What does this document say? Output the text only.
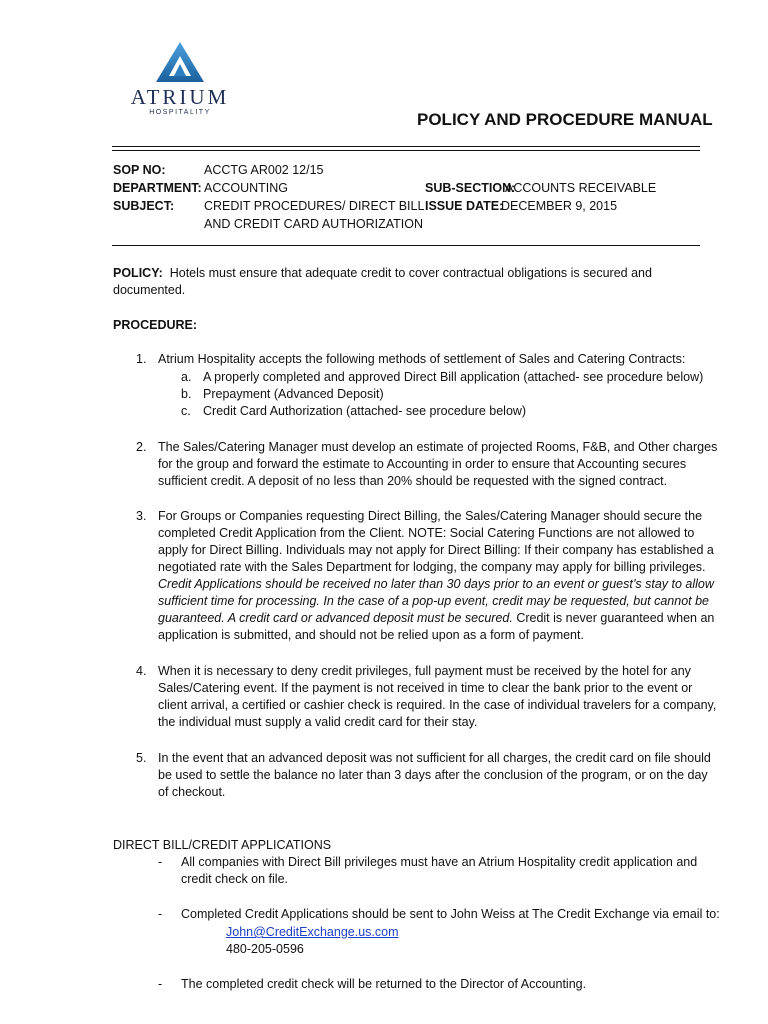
ATRIUM
HOSPITALITY	POLICY AND PROCEDURE MANUAL
SOP NO:	ACCTG AR002 12/15
DEPARTMENT: ACCOUNTING	SUB-SECTION:
ACCOUNTS RECEIVABLE
SUBJECT: CREDIT PROCEDURES/ DIRECT BILL
AND CREDIT CARD AUTHORIZATION
ISSUE DATE:
DECEMBER 9, 2015
POLICY: Hotels must ensure that adequate credit to cover contractual obligations is secured and
documented.
PROCEDURE:
1. Atrium Hospitality accepts the following methods of settlement of Sales and Catering Contracts:
a. A properly completed and approved Direct Bill application (attached- see procedure below)
b. Prepayment (Advanced Deposit)
c. Credit Card Authorization (attached- see procedure below)
2. The Sales/Catering Manager must develop an estimate of projected Rooms, F&B, and Other charges
for the group and forward the estimate to Accounting in order to ensure that Accounting secures
sufficient credit. A deposit of no less than 20% should be requested with the signed contract.
3. For Groups or Companies requesting Direct Billing, the Sales/Catering Manager should secure the
completed Credit Application from the Client. NOTE: Social Catering Functions are not allowed to
apply for Direct Billing. Individuals may not apply for Direct Billing: If their company has established a
negotiated rate with the Sales Department for lodging, the company may apply for billing privileges.
Credit Applications should be received no later than 30 days prior to an event or guest’s stay to allow
sufficient time for processing. In the case of a pop-up event, credit may be requested, but cannot be
guaranteed. A credit card or advanced deposit must be secured. Credit is never guaranteed when an
application is submitted, and should not be relied upon as a form of payment.
4. When it is necessary to deny credit privileges, full payment must be received by the hotel for any
Sales/Catering event. If the payment is not received in time to clear the bank prior to the event or
client arrival, a certified or cashier check is required. In the case of individual travelers for a company,
the individual must supply a valid credit card for their stay.
5. In the event that an advanced deposit was not sufficient for all charges, the credit card on file should
be used to settle the balance no later than 3 days after the conclusion of the program, or on the day
of checkout.
DIRECT BILL/CREDIT APPLICATIONS
- All companies with Direct Bill privileges must have an Atrium Hospitality credit application and
credit check on file.
- Completed Credit Applications should be sent to John Weiss at The Credit Exchange via email to:
John@CreditExchange.us.com
480-205-0596
- The completed credit check will be returned to the Director of Accounting.
